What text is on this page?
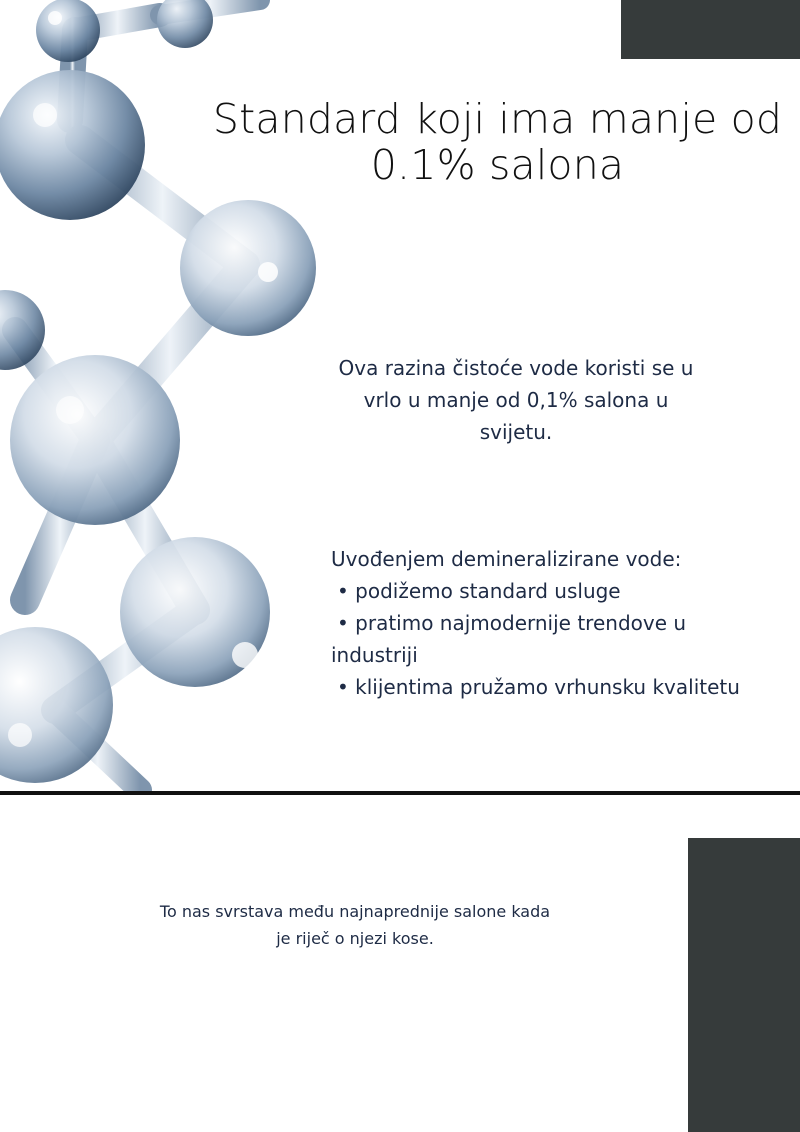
Standard koji ima manje od
0.1% salona
Ova razina čistoće vode koristi se u
vrlo u manje od 0,1% salona u
svijetu.
Uvođenjem demineralizirane vode:
• podižemo standard usluge
• pratimo najmodernije trendove u
industriji
• klijentima pružamo vrhunsku kvalitetu
To nas svrstava među najnaprednije salone kada
je riječ o njezi kose.
